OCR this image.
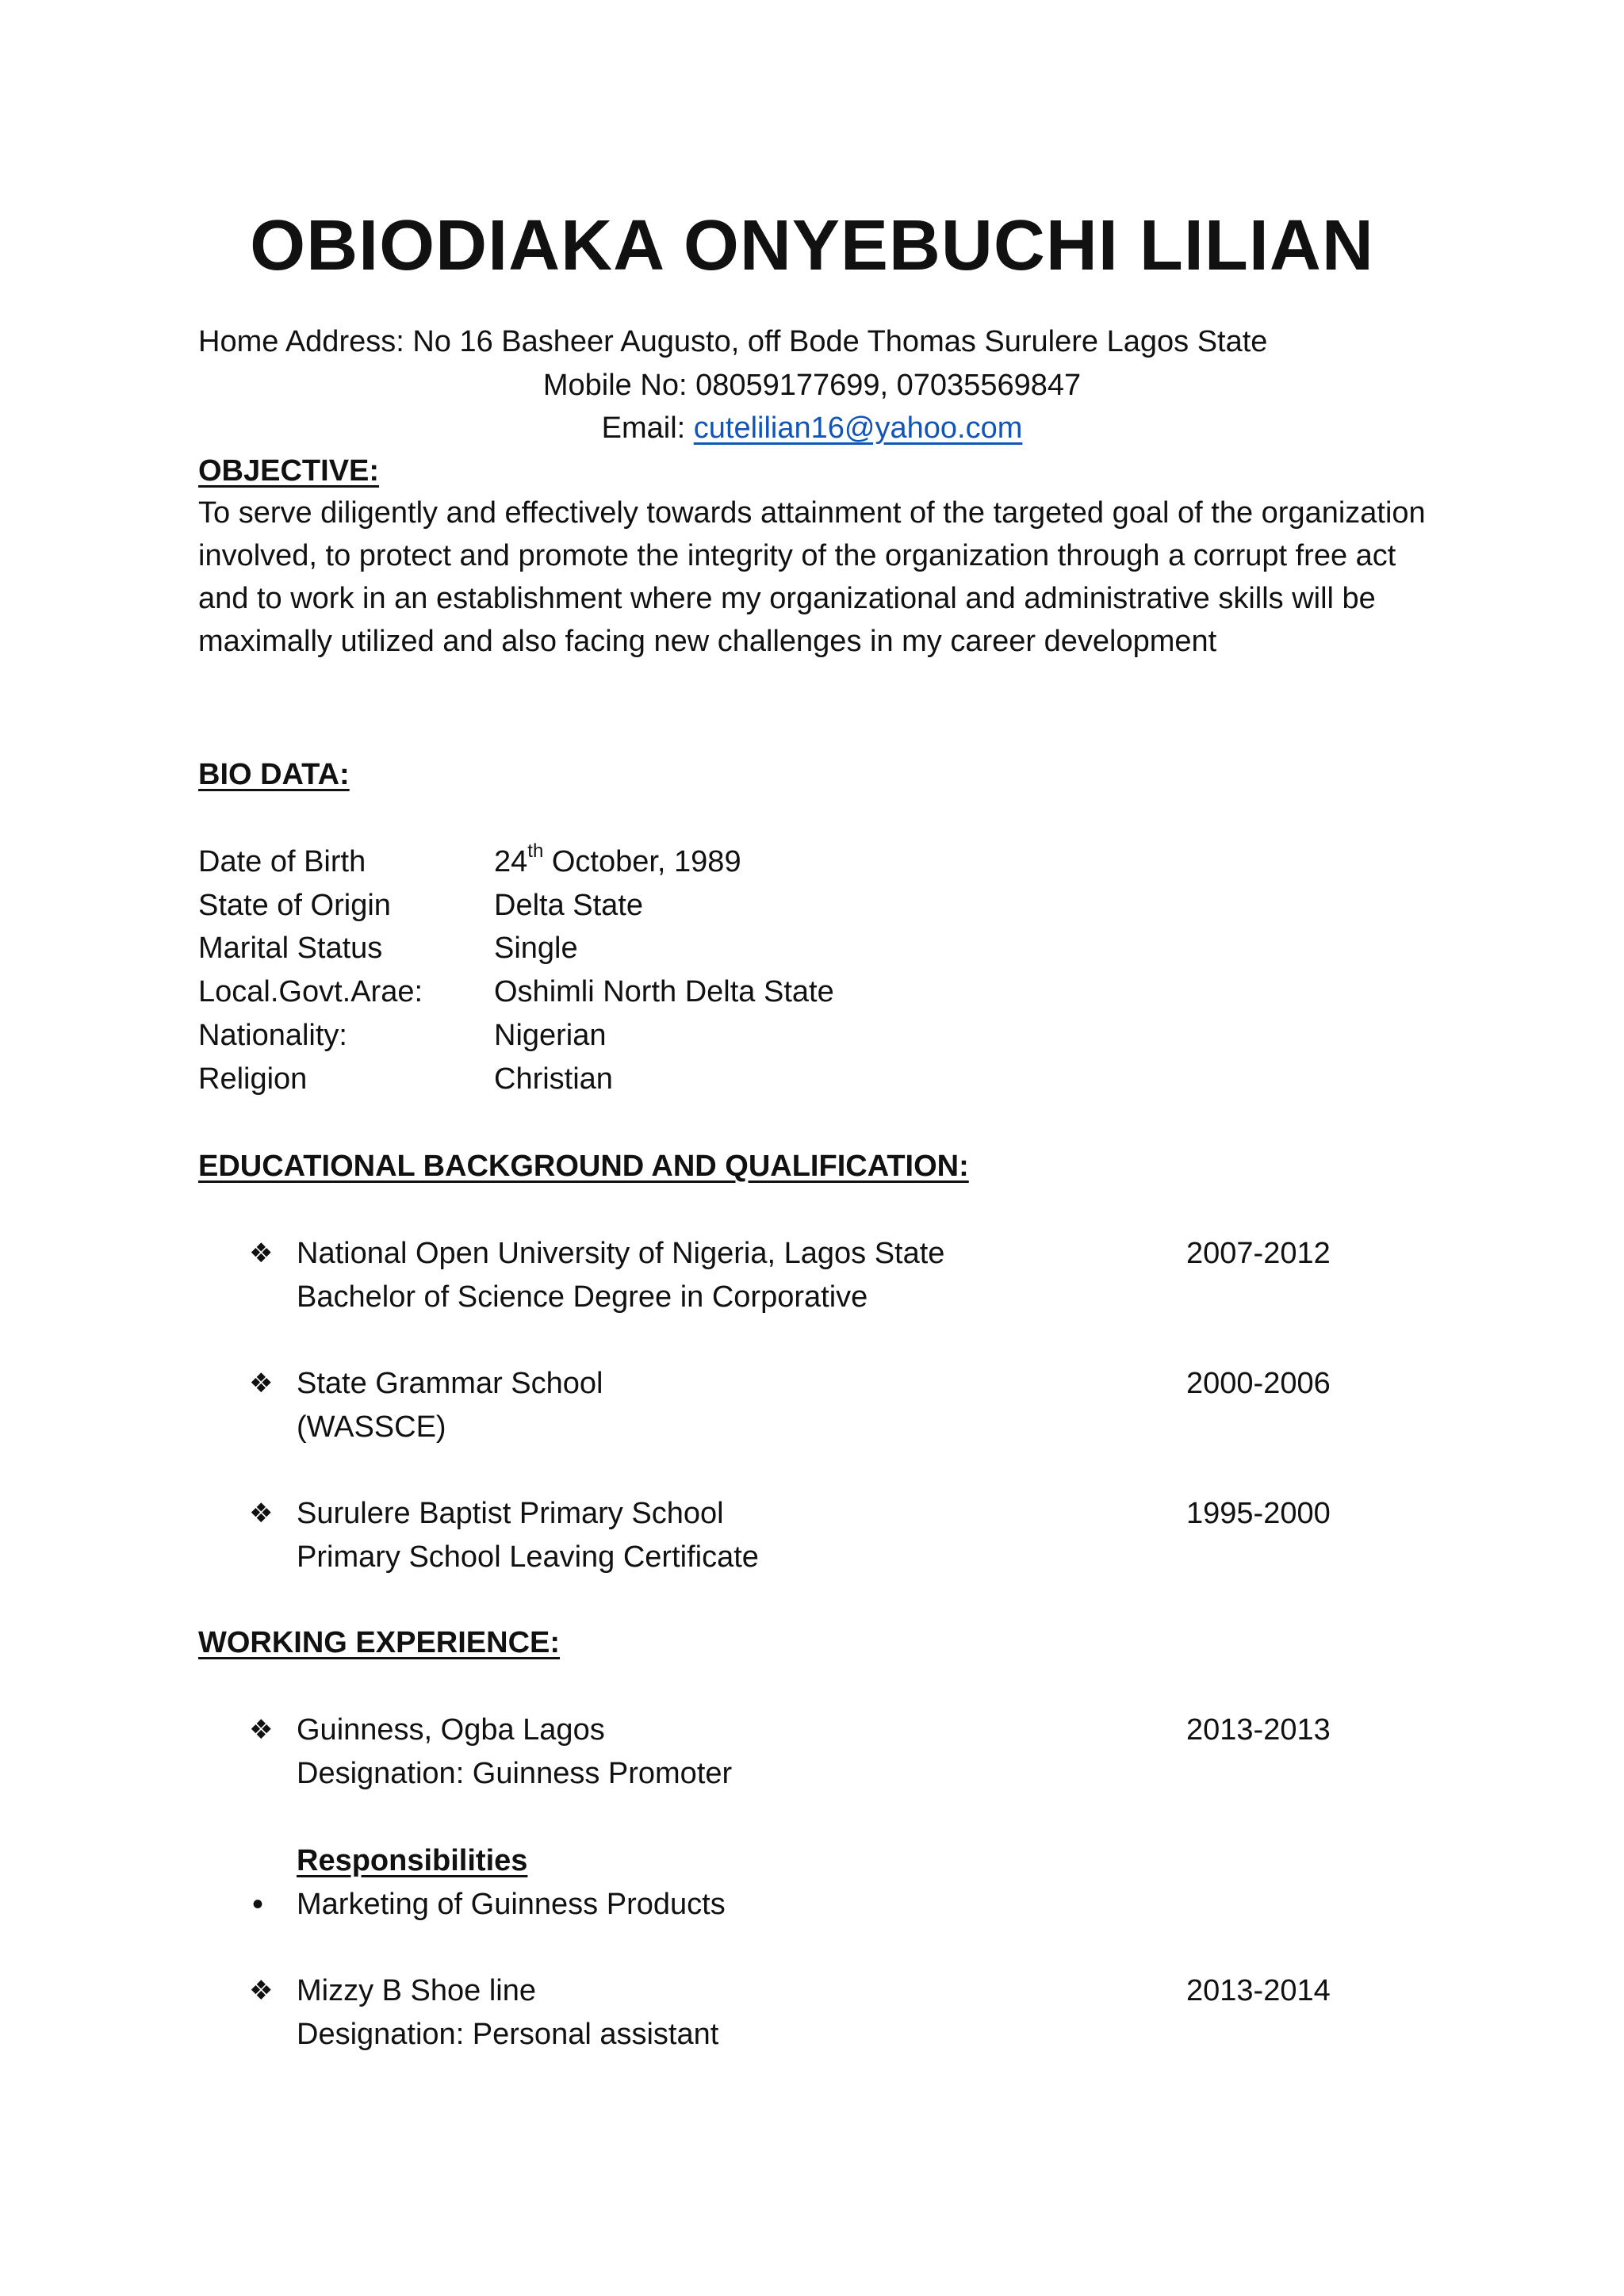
OBIODIAKA ONYEBUCHI LILIAN
Home Address: No 16 Basheer Augusto, off Bode Thomas Surulere Lagos State
Mobile No: 08059177699, 07035569847
Email: cutelilian16@yahoo.com
OBJECTIVE:
To serve diligently and effectively towards attainment of the targeted goal of the organization involved, to protect and promote the integrity of the organization through a corrupt free act and to work in an establishment where my organizational and administrative skills will be maximally utilized and also facing new challenges in my career development
BIO DATA:
Date of Birth	24th October, 1989
State of Origin	Delta State
Marital Status	Single
Local.Govt.Arae: Oshimli North Delta State
Nationality:	Nigerian
Religion	Christian
EDUCATIONAL BACKGROUND AND QUALIFICATION:
❖ National Open University of Nigeria, Lagos State	2007-2012
Bachelor of Science Degree in Corporative
❖ State Grammar School	2000-2006
(WASSCE)
❖ Surulere Baptist Primary School	1995-2000
Primary School Leaving Certificate
WORKING EXPERIENCE:
❖ Guinness, Ogba Lagos	2013-2013
Designation: Guinness Promoter
Responsibilities
• Marketing of Guinness Products
❖ Mizzy B Shoe line	2013-2014
Designation: Personal assistant
